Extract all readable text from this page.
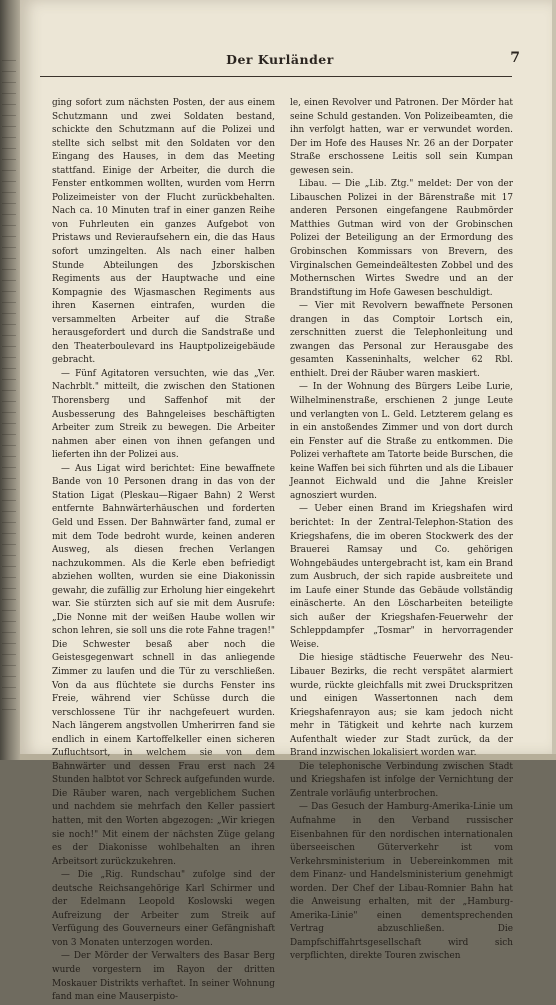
Der Kurländer	7

ging sofort zum nächsten Posten, der aus einem Schutzmann und zwei Soldaten bestand, schickte den Schutzmann auf die Polizei und stellte sich selbst mit den Soldaten vor den Eingang des Hauses, in dem das Meeting stattfand. Einige der Arbeiter, die durch die Fenster entkommen wollten, wurden vom Herrn Polizeimeister von der Flucht zurückbehalten. Nach ca. 10 Minuten traf in einer ganzen Reihe von Fuhrleuten ein ganzes Aufgebot von Pristaws und Revieraufsehern ein, die das Haus sofort umzingelten. Als nach einer halben Stunde Abteilungen des Jzborskischen Regiments aus der Hauptwache und eine Kompagnie des Wjasmaschen Regiments aus ihren Kasernen eintrafen, wurden die versammelten Arbeiter auf die Straße herausgefordert und durch die Sandstraße und den Theaterboulevard ins Hauptpolizeigebäude gebracht.

— Fünf Agitatoren versuchten, wie das „Ver. Nachrblt." mitteilt, die zwischen den Stationen Thorensberg und Saffenhof mit der Ausbesserung des Bahngeleises beschäftigten Arbeiter zum Streik zu bewegen. Die Arbeiter nahmen aber einen von ihnen gefangen und lieferten ihn der Polizei aus.

— Aus Ligat wird berichtet: Eine bewaffnete Bande von 10 Personen drang in das von der Station Ligat (Pleskau—Rigaer Bahn) 2 Werst entfernte Bahnwärterhäuschen und forderten Geld und Essen. Der Bahnwärter fand, zumal er mit dem Tode bedroht wurde, keinen anderen Ausweg, als diesen frechen Verlangen nachzukommen. Als die Kerle eben befriedigt abziehen wollten, wurden sie eine Diakonissin gewahr, die zufällig zur Erholung hier eingekehrt war. Sie stürzten sich auf sie mit dem Ausrufe: „Die Nonne mit der weißen Haube wollen wir schon lehren, sie soll uns die rote Fahne tragen!" Die Schwester besaß aber noch die Geistesgegenwart schnell in das anliegende Zimmer zu laufen und die Tür zu verschließen. Von da aus flüchtete sie durchs Fenster ins Freie, während vier Schüsse durch die verschlossene Tür ihr nachgefeuert wurden. Nach längerem angstvollen Umherirren fand sie endlich in einem Kartoffelkeller einen sicheren Zufluchtsort, in welchem sie von dem Bahnwärter und dessen Frau erst nach 24 Stunden halbtot vor Schreck aufgefunden wurde. Die Räuber waren, nach vergeblichem Suchen und nachdem sie mehrfach den Keller passiert hatten, mit den Worten abgezogen: „Wir kriegen sie noch!" Mit einem der nächsten Züge gelang es der Diakonisse wohlbehalten an ihren Arbeitsort zurückzukehren.

— Die „Rig. Rundschau" zufolge sind der deutsche Reichsangehörige Karl Schirmer und der Edelmann Leopold Koslowski wegen Aufreizung der Arbeiter zum Streik auf Verfügung des Gouverneurs einer Gefängnishaft von 3 Monaten unterzogen worden.

— Der Mörder der Verwalters des Basar Berg wurde vorgestern im Rayon der dritten Moskauer Distrikts verhaftet. In seiner Wohnung fand man eine Mauserpisto-

le, einen Revolver und Patronen. Der Mörder hat seine Schuld gestanden. Von Polizeibeamten, die ihn verfolgt hatten, war er verwundet worden. Der im Hofe des Hauses Nr. 26 an der Dorpater Straße erschossene Leitis soll sein Kumpan gewesen sein.

Libau. — Die „Lib. Ztg." meldet: Der von der Libauschen Polizei in der Bärenstraße mit 17 anderen Personen eingefangene Raubmörder Matthies Gutman wird von der Grobinschen Polizei der Beteiligung an der Ermordung des Grobinschen Kommissars von Brevern, des Virginalschen Gemeindeältesten Zobbel und des Mothernschen Wirtes Swedre und an der Brandstiftung im Hofe Gawesen beschuldigt.

— Vier mit Revolvern bewaffnete Personen drangen in das Comptoir Lortsch ein, zerschnitten zuerst die Telephonleitung und zwangen das Personal zur Herausgabe des gesamten Kasseninhalts, welcher 62 Rbl. enthielt. Drei der Räuber waren maskiert.

— In der Wohnung des Bürgers Leibe Lurie, Wilhelminenstraße, erschienen 2 junge Leute und verlangten von L. Geld. Letzterem gelang es in ein anstoßendes Zimmer und von dort durch ein Fenster auf die Straße zu entkommen. Die Polizei verhaftete am Tatorte beide Burschen, die keine Waffen bei sich führten und als die Libauer Jeannot Eichwald und die Jahne Kreisler agnosziert wurden.

— Ueber einen Brand im Kriegshafen wird berichtet: In der Zentral-Telephon-Station des Kriegshafens, die im oberen Stockwerk des der Brauerei Ramsay und Co. gehörigen Wohngebäudes untergebracht ist, kam ein Brand zum Ausbruch, der sich rapide ausbreitete und im Laufe einer Stunde das Gebäude vollständig einäscherte. An den Löscharbeiten beteiligte sich außer der Kriegshafen-Feuerwehr der Schleppdampfer „Tosmar" in hervorragender Weise.

Die hiesige städtische Feuerwehr des Neu-Libauer Bezirks, die recht verspätet alarmiert wurde, rückte gleichfalls mit zwei Druckspritzen und einigen Wassertonnen nach dem Kriegshafenrayon aus; sie kam jedoch nicht mehr in Tätigkeit und kehrte nach kurzem Aufenthalt wieder zur Stadt zurück, da der Brand inzwischen lokalisiert worden war.

Die telephonische Verbindung zwischen Stadt und Kriegshafen ist infolge der Vernichtung der Zentrale vorläufig unterbrochen.

— Das Gesuch der Hamburg-Amerika-Linie um Aufnahme in den Verband russischer Eisenbahnen für den nordischen internationalen überseeischen Güterverkehr ist vom Verkehrsministerium in Uebereinkommen mit dem Finanz- und Handelsministerium genehmigt worden. Der Chef der Libau-Romnier Bahn hat die Anweisung erhalten, mit der „Hamburg-Amerika-Linie" einen dementsprechenden Vertrag abzuschließen. Die Dampfschiffahrtsgesellschaft wird sich verpflichten, direkte Touren zwischen
